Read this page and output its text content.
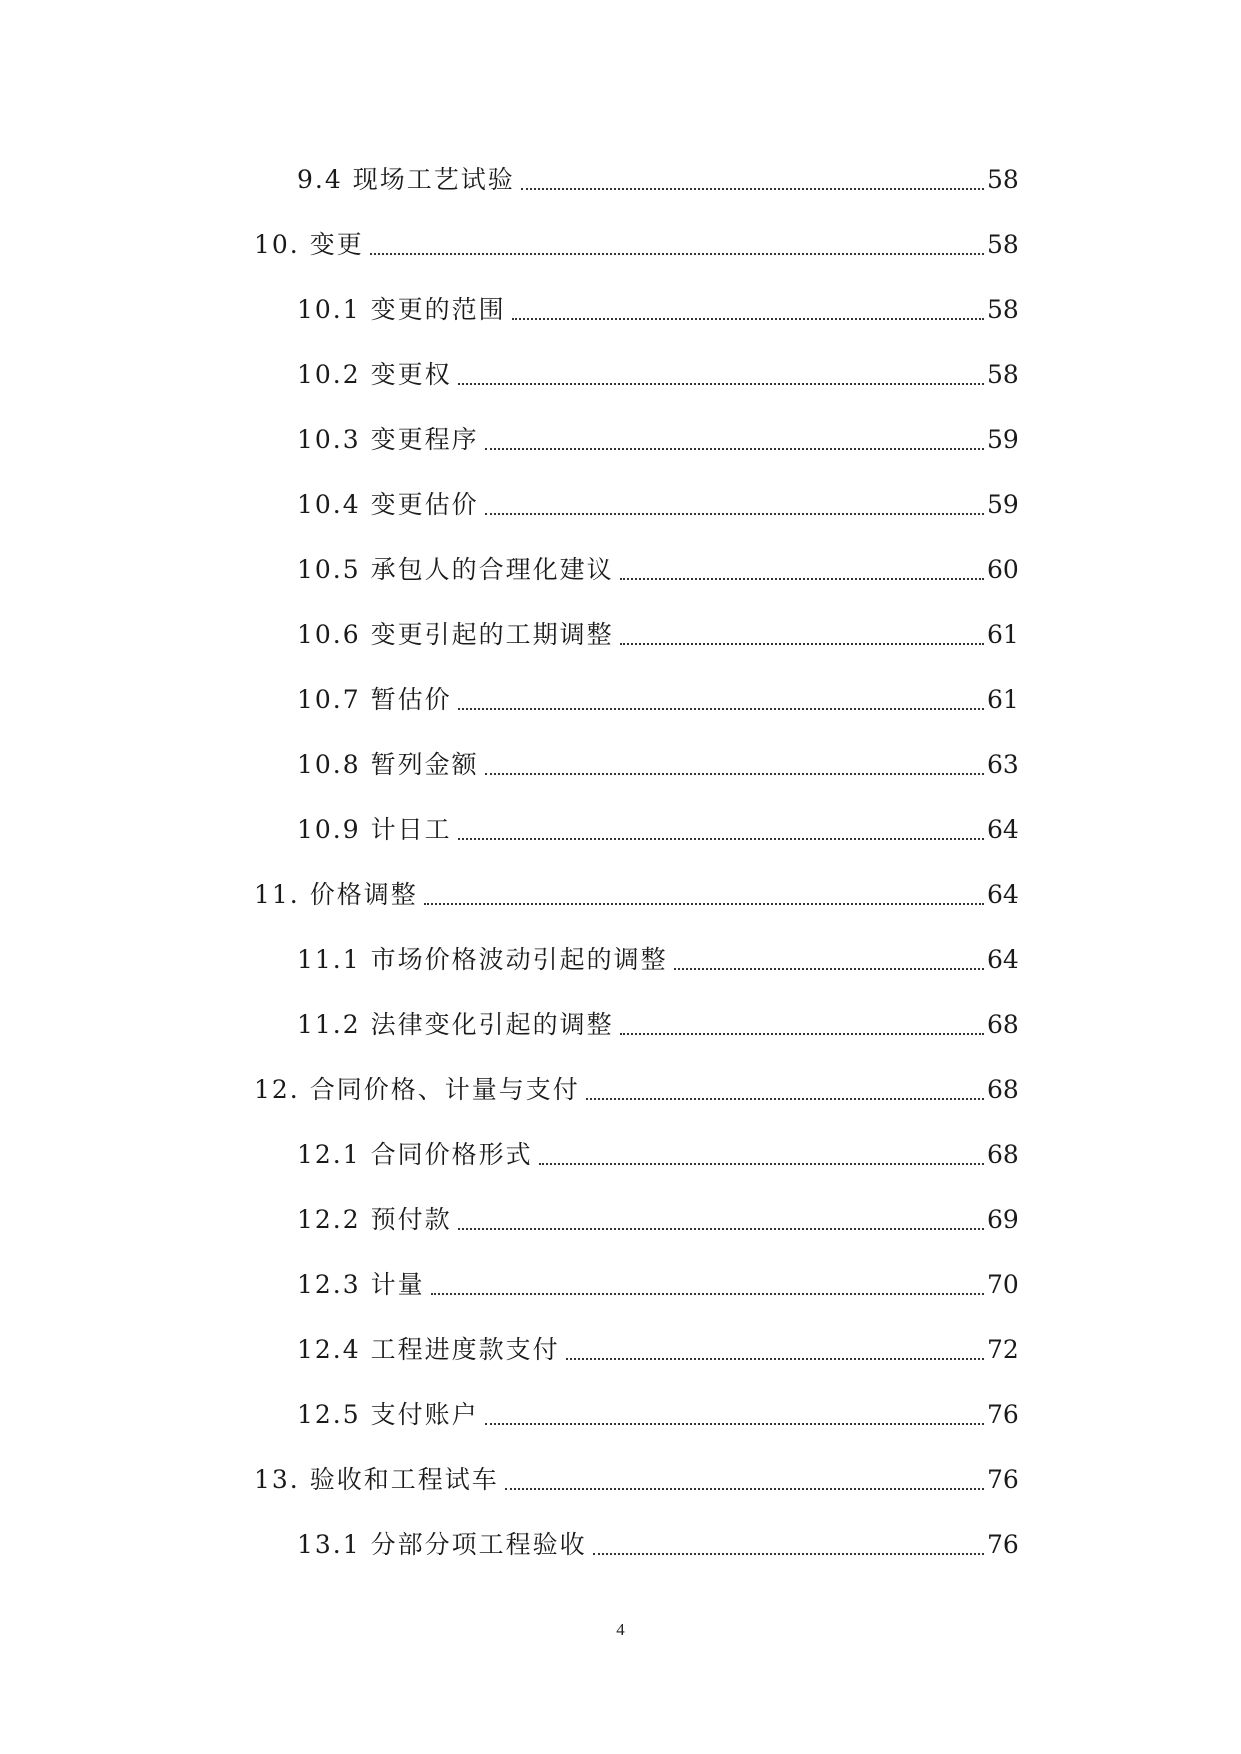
9.4 现场工艺试验	58
10. 变更	58
10.1 变更的范围	58
10.2 变更权	58
10.3 变更程序	59
10.4 变更估价	59
10.5 承包人的合理化建议	60
10.6 变更引起的工期调整	61
10.7 暂估价	61
10.8 暂列金额	63
10.9 计日工	64
11. 价格调整	64
11.1 市场价格波动引起的调整	64
11.2 法律变化引起的调整	68
12. 合同价格、计量与支付	68
12.1 合同价格形式	68
12.2 预付款	69
12.3 计量	70
12.4 工程进度款支付	72
12.5 支付账户	76
13. 验收和工程试车	76
13.1 分部分项工程验收	76
4
